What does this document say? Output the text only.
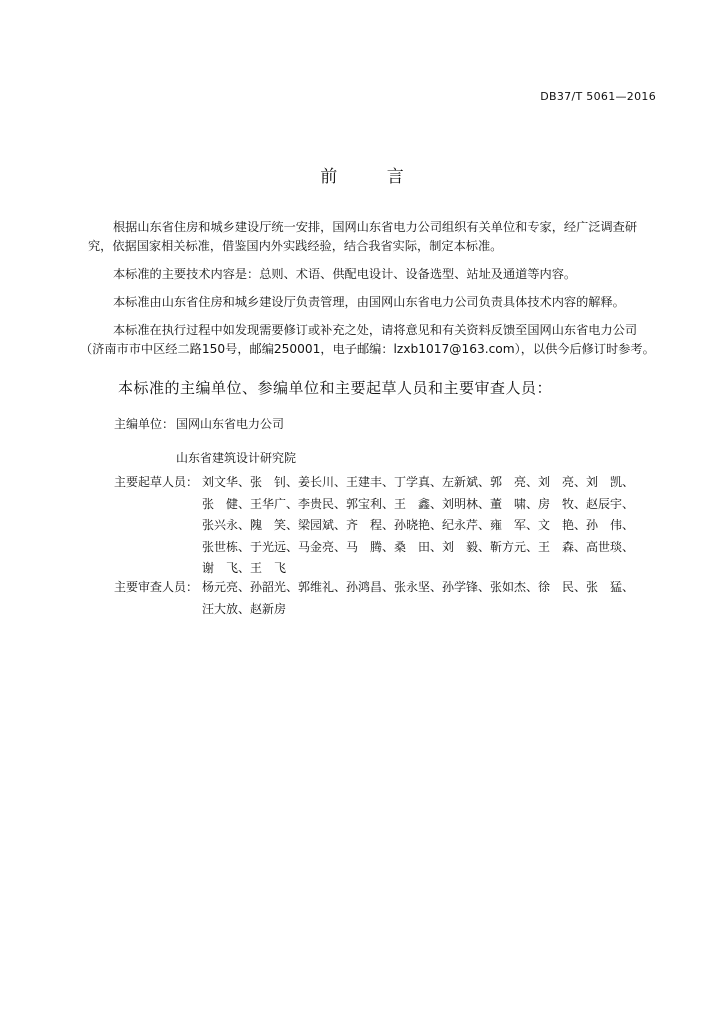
DB37/T 5061—2016
前 言

根据山东省住房和城乡建设厅统一安排，国网山东省电力公司组织有关单位和专家，经广泛调查研
究，依据国家相关标准，借鉴国内外实践经验，结合我省实际，制定本标准。

本标准的主要技术内容是：总则、术语、供配电设计、设备选型、站址及通道等内容。

本标准由山东省住房和城乡建设厅负责管理，由国网山东省电力公司负责具体技术内容的解释。

本标准在执行过程中如发现需要修订或补充之处，请将意见和有关资料反馈至国网山东省电力公司
（济南市市中区经二路150号，邮编250001，电子邮编：lzxb1017@163.com），以供今后修订时参考。

本标准的主编单位、参编单位和主要起草人员和主要审查人员：
主编单位： 国网山东省电力公司
山东省建筑设计研究院
主要起草人员： 刘文华、张　钊、姜长川、王建丰、丁学真、左新斌、郭　亮、刘　亮、刘　凯、
张　健、王华广、李贵民、郭宝利、王　鑫、刘明林、董　啸、房　牧、赵辰宇、
张兴永、隗　笑、梁园斌、齐　程、孙晓艳、纪永芹、雍　军、文　艳、孙　伟、
张世栋、于光远、马金亮、马　腾、桑　田、刘　毅、靳方元、王　森、高世琰、
谢　飞、王　飞
主要审查人员： 杨元亮、孙韶光、郭维礼、孙鸿昌、张永坚、孙学锋、张如杰、徐　民、张　猛、
汪大放、赵新房
